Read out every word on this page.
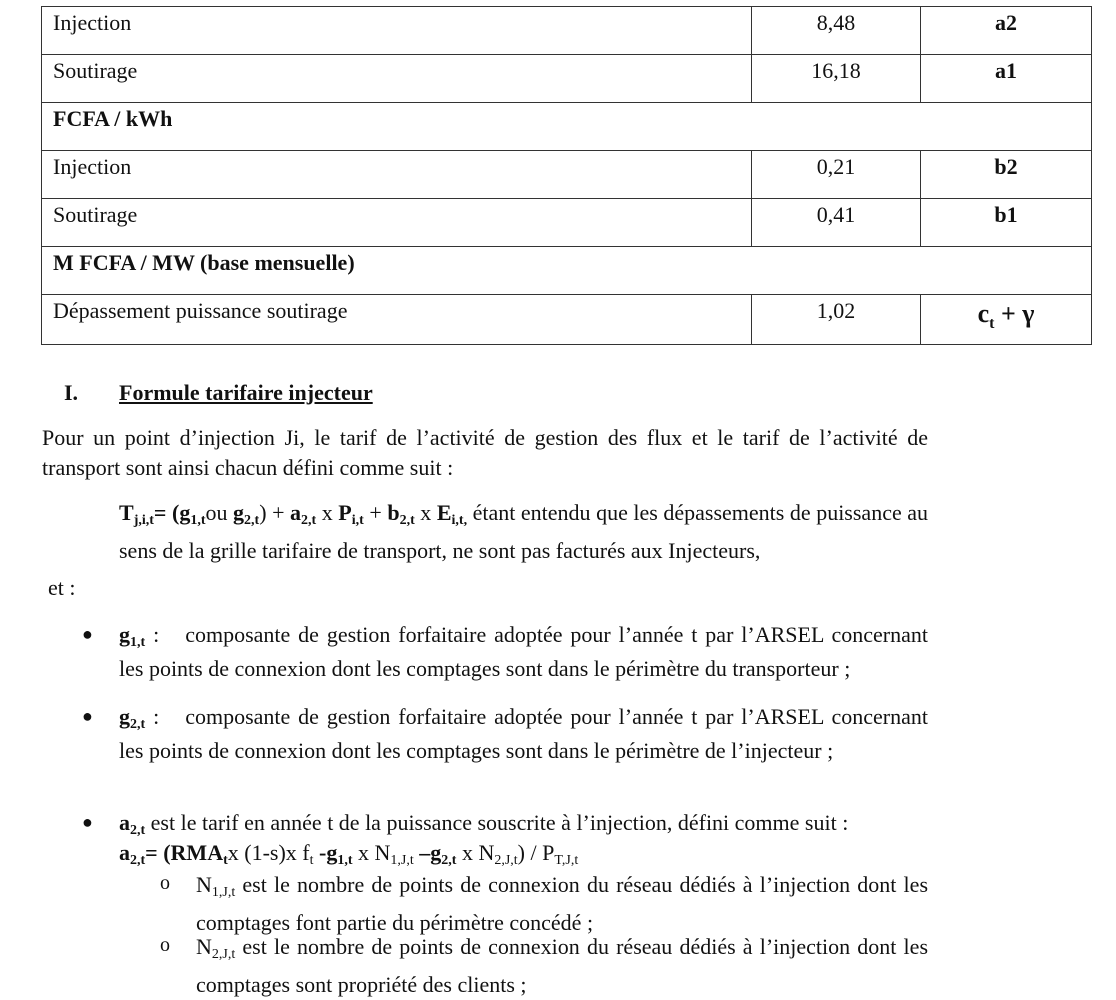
Injection	8,48	a2

Soutirage	16,18	a1

FCFA / kWh		

Injection	0,21	b2

Soutirage	0,41	b1

M FCFA / MW (base mensuelle)		

Dépassement puissance soutirage	1,02	$c_t + \gamma$
I. Formule tarifaire injecteur
Pour un point d’injection Ji, le tarif de l’activité de gestion des flux et le tarif de l’activité de transport sont ainsi chacun défini comme suit :
Tj,i,t= (g1,tou g2,t) + a2,t x Pi,t + b2,t x Ei,t, étant entendu que les dépassements de puissance au sens de la grille tarifaire de transport, ne sont pas facturés aux Injecteurs,
et :
● g1,t : composante de gestion forfaitaire adoptée pour l’année t par l’ARSEL concernant les points de connexion dont les comptages sont dans le périmètre du transporteur ;
● g2,t : composante de gestion forfaitaire adoptée pour l’année t par l’ARSEL concernant les points de connexion dont les comptages sont dans le périmètre de l’injecteur ;
● a2,t est le tarif en année t de la puissance souscrite à l’injection, défini comme suit :
a2,t= (RMAtx (1-s)x $f_t$ -g1,t x $N_{1,J,t}$ –g2,t x $N_{2,J,t}) / P_{T,J,t}$
o $N_{1,J,t}$ est le nombre de points de connexion du réseau dédiés à l’injection dont les comptages font partie du périmètre concédé ;
o $N_{2,J,t}$ est le nombre de points de connexion du réseau dédiés à l’injection dont les comptages sont propriété des clients ;
